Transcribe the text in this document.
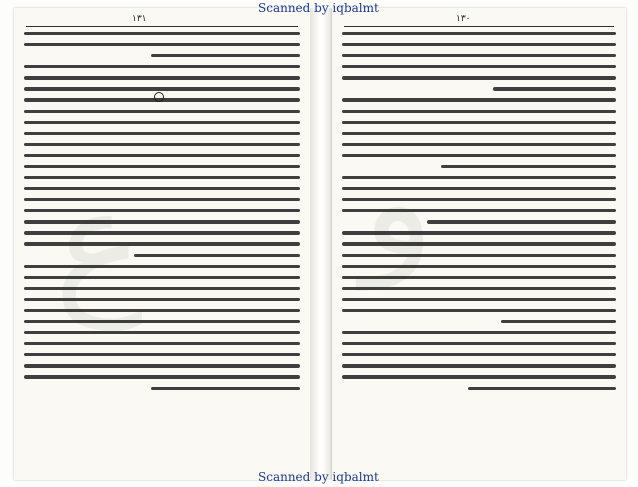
۱۳۱	۱۳۰
ﻭ
Scanned by iqbalmt
Scanned by iqbalmt
